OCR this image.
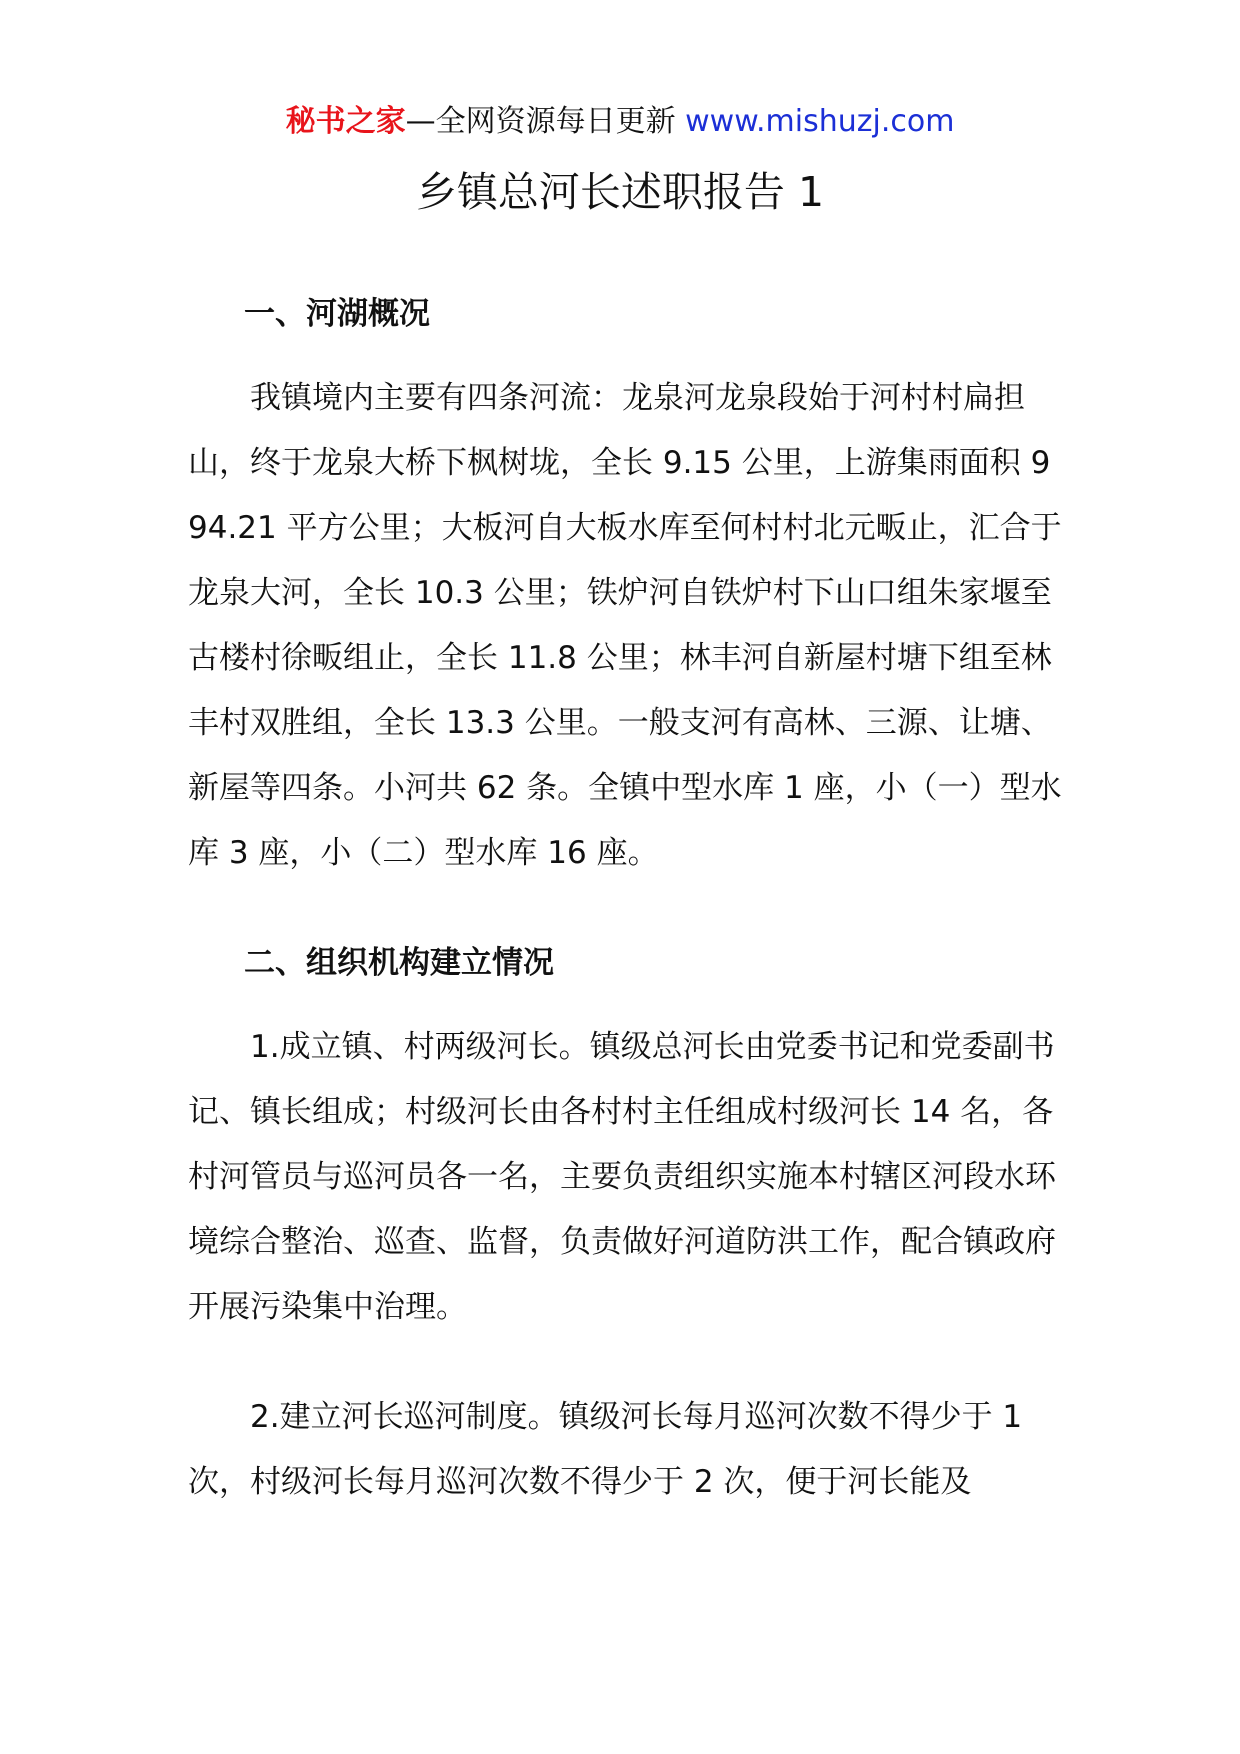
秘书之家—全网资源每日更新 www.mishuzj.com
乡镇总河长述职报告 1
一、河湖概况

我镇境内主要有四条河流：龙泉河龙泉段始于河村村扁担山，终于龙泉大桥下枫树垅，全长 9.15 公里，上游集雨面积 994.21 平方公里；大板河自大板水库至何村村北元畈止，汇合于龙泉大河，全长 10.3 公里；铁炉河自铁炉村下山口组朱家堰至古楼村徐畈组止，全长 11.8 公里；林丰河自新屋村塘下组至林丰村双胜组，全长 13.3 公里。一般支河有高林、三源、让塘、新屋等四条。小河共 62 条。全镇中型水库 1 座，小（一）型水库 3 座，小（二）型水库 16 座。

二、组织机构建立情况

1.成立镇、村两级河长。镇级总河长由党委书记和党委副书记、镇长组成；村级河长由各村村主任组成村级河长 14 名，各村河管员与巡河员各一名，主要负责组织实施本村辖区河段水环境综合整治、巡查、监督，负责做好河道防洪工作，配合镇政府开展污染集中治理。

2.建立河长巡河制度。镇级河长每月巡河次数不得少于 1 次，村级河长每月巡河次数不得少于 2 次，便于河长能及
